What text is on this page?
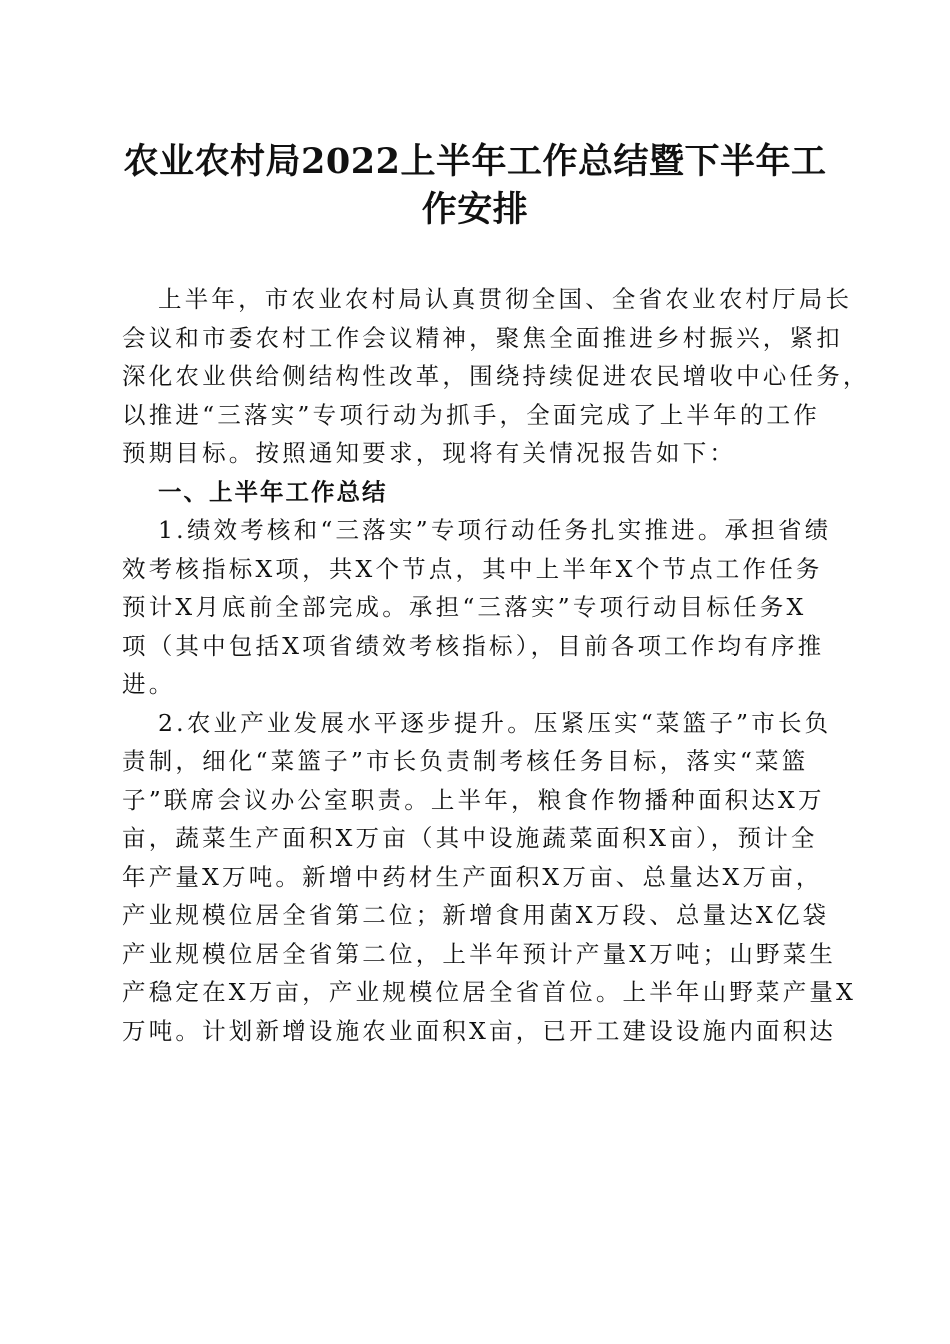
农业农村局2022上半年工作总结暨下半年工
作安排
上半年，市农业农村局认真贯彻全国、全省农业农村厅局长
会议和市委农村工作会议精神，聚焦全面推进乡村振兴，紧扣
深化农业供给侧结构性改革，围绕持续促进农民增收中心任务，
以推进“三落实”专项行动为抓手，全面完成了上半年的工作
预期目标。按照通知要求，现将有关情况报告如下：
一、上半年工作总结
1.绩效考核和“三落实”专项行动任务扎实推进。承担省绩
效考核指标X项，共X个节点，其中上半年X个节点工作任务
预计X月底前全部完成。承担“三落实”专项行动目标任务X
项（其中包括X项省绩效考核指标），目前各项工作均有序推
进。
2.农业产业发展水平逐步提升。压紧压实“菜篮子”市长负
责制，细化“菜篮子”市长负责制考核任务目标，落实“菜篮
子”联席会议办公室职责。上半年，粮食作物播种面积达X万
亩，蔬菜生产面积X万亩（其中设施蔬菜面积X亩），预计全
年产量X万吨。新增中药材生产面积X万亩、总量达X万亩，
产业规模位居全省第二位；新增食用菌X万段、总量达X亿袋
产业规模位居全省第二位，上半年预计产量X万吨；山野菜生
产稳定在X万亩，产业规模位居全省首位。上半年山野菜产量X
万吨。计划新增设施农业面积X亩，已开工建设设施内面积达
